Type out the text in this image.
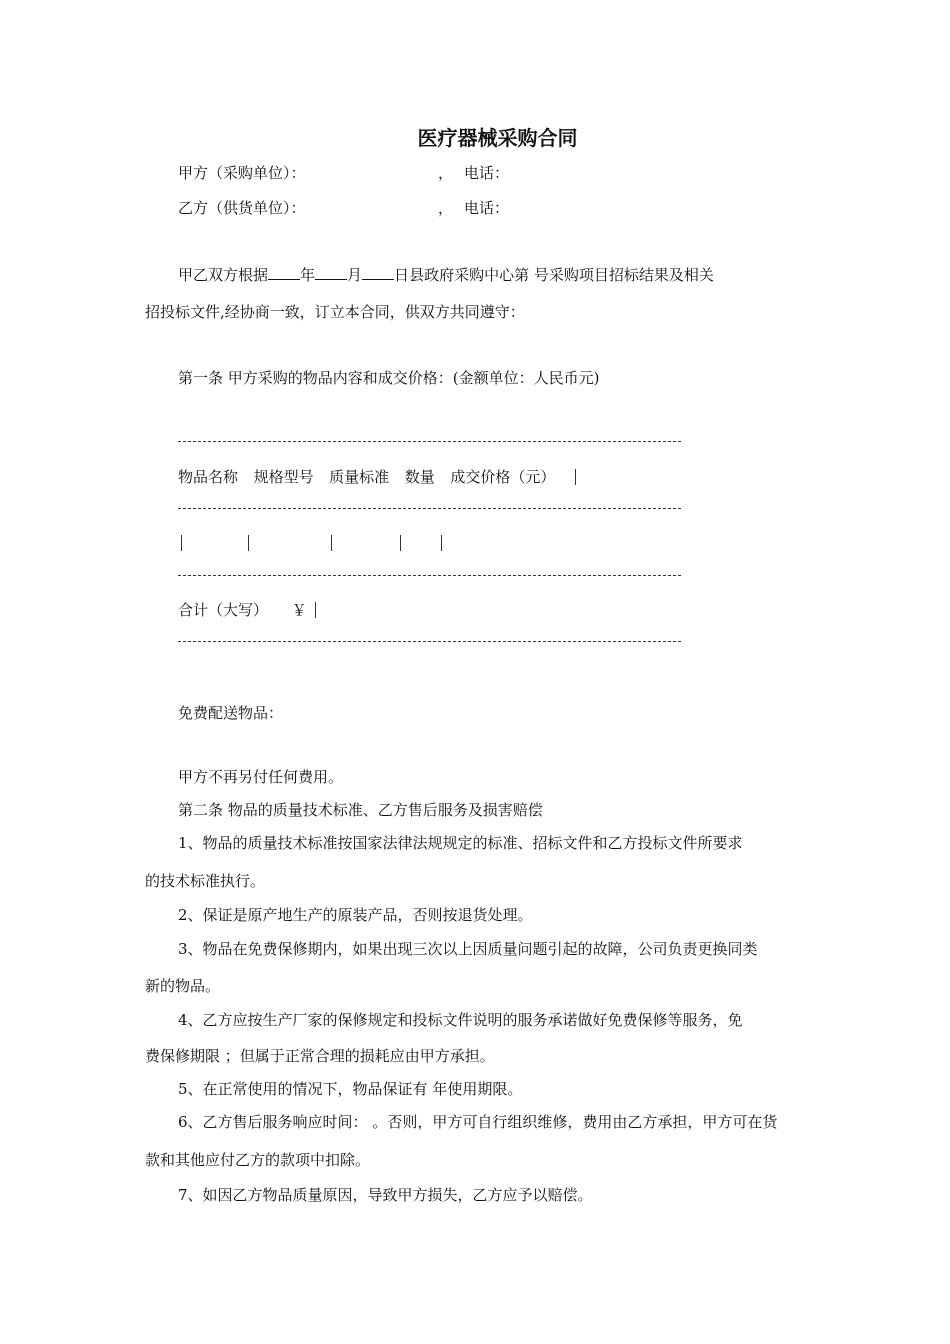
医疗器械采购合同
甲方（采购单位）：	， 电话：
乙方（供货单位）：	， 电话：
甲乙双方根据 年 月 日县政府采购中心第 号采购项目招标结果及相关
招投标文件,经协商一致，订立本合同，供双方共同遵守：
第一条 甲方采购的物品内容和成交价格：(金额单位：人民币元)
物品名称 规格型号 质量标准 数量 成交价格（元）
合计（大写） ￥
免费配送物品：
甲方不再另付任何费用。
第二条 物品的质量技术标准、乙方售后服务及损害赔偿
1、物品的质量技术标准按国家法律法规规定的标准、招标文件和乙方投标文件所要求
的技术标准执行。
2、保证是原产地生产的原装产品，否则按退货处理。
3、物品在免费保修期内，如果出现三次以上因质量问题引起的故障，公司负责更换同类
新的物品。
4、乙方应按生产厂家的保修规定和投标文件说明的服务承诺做好免费保修等服务，免
费保修期限 ；但属于正常合理的损耗应由甲方承担。
5、在正常使用的情况下，物品保证有 年使用期限。
6、乙方售后服务响应时间： 。否则，甲方可自行组织维修，费用由乙方承担，甲方可在货
款和其他应付乙方的款项中扣除。
7、如因乙方物品质量原因，导致甲方损失，乙方应予以赔偿。
